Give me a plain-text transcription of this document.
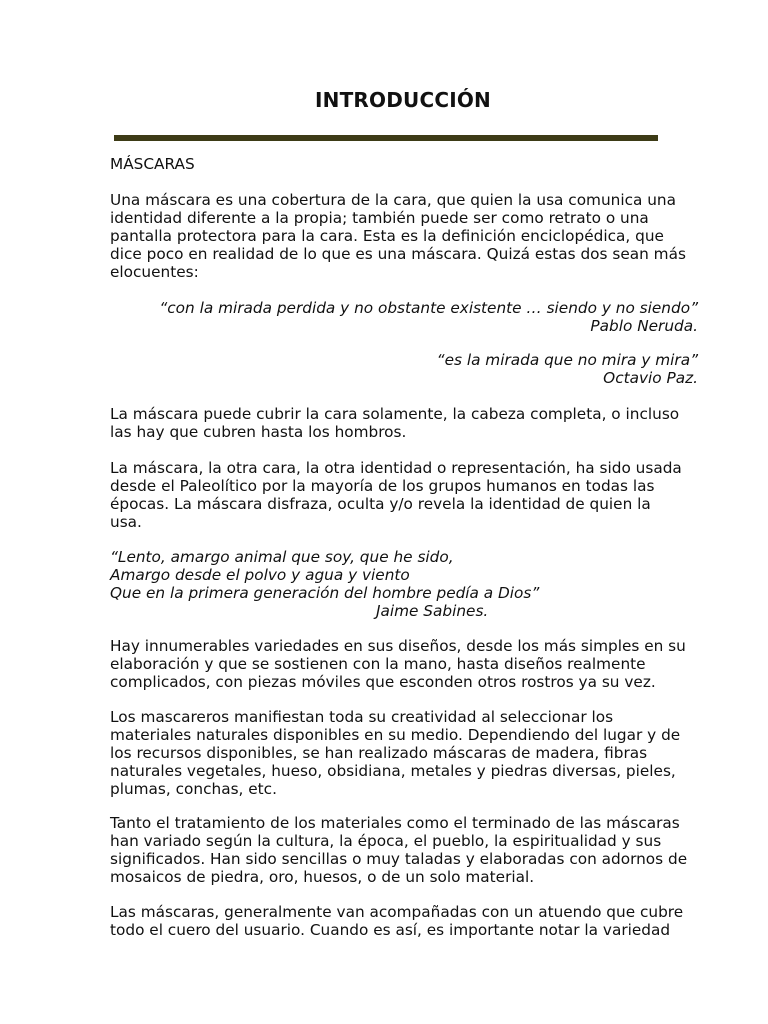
INTRODUCCIÓN
MÁSCARAS
Una máscara es una cobertura de la cara, que quien la usa comunica una
identidad diferente a la propia; también puede ser como retrato o una
pantalla protectora para la cara. Esta es la definición enciclopédica, que
dice poco en realidad de lo que es una máscara. Quizá estas dos sean más
elocuentes:
“con la mirada perdida y no obstante existente … siendo y no siendo”
Pablo Neruda.
“es la mirada que no mira y mira”
Octavio Paz.
La máscara puede cubrir la cara solamente, la cabeza completa, o incluso
las hay que cubren hasta los hombros.
La máscara, la otra cara, la otra identidad o representación, ha sido usada
desde el Paleolítico por la mayoría de los grupos humanos en todas las
épocas. La máscara disfraza, oculta y/o revela la identidad de quien la
usa.
“Lento, amargo animal que soy, que he sido,
Amargo desde el polvo y agua y viento
Que en la primera generación del hombre pedía a Dios”
Jaime Sabines.
Hay innumerables variedades en sus diseños, desde los más simples en su
elaboración y que se sostienen con la mano, hasta diseños realmente
complicados, con piezas móviles que esconden otros rostros ya su vez.
Los mascareros manifiestan toda su creatividad al seleccionar los
materiales naturales disponibles en su medio. Dependiendo del lugar y de
los recursos disponibles, se han realizado máscaras de madera, fibras
naturales vegetales, hueso, obsidiana, metales y piedras diversas, pieles,
plumas, conchas, etc.
Tanto el tratamiento de los materiales como el terminado de las máscaras
han variado según la cultura, la época, el pueblo, la espiritualidad y sus
significados. Han sido sencillas o muy taladas y elaboradas con adornos de
mosaicos de piedra, oro, huesos, o de un solo material.
Las máscaras, generalmente van acompañadas con un atuendo que cubre
todo el cuero del usuario. Cuando es así, es importante notar la variedad
